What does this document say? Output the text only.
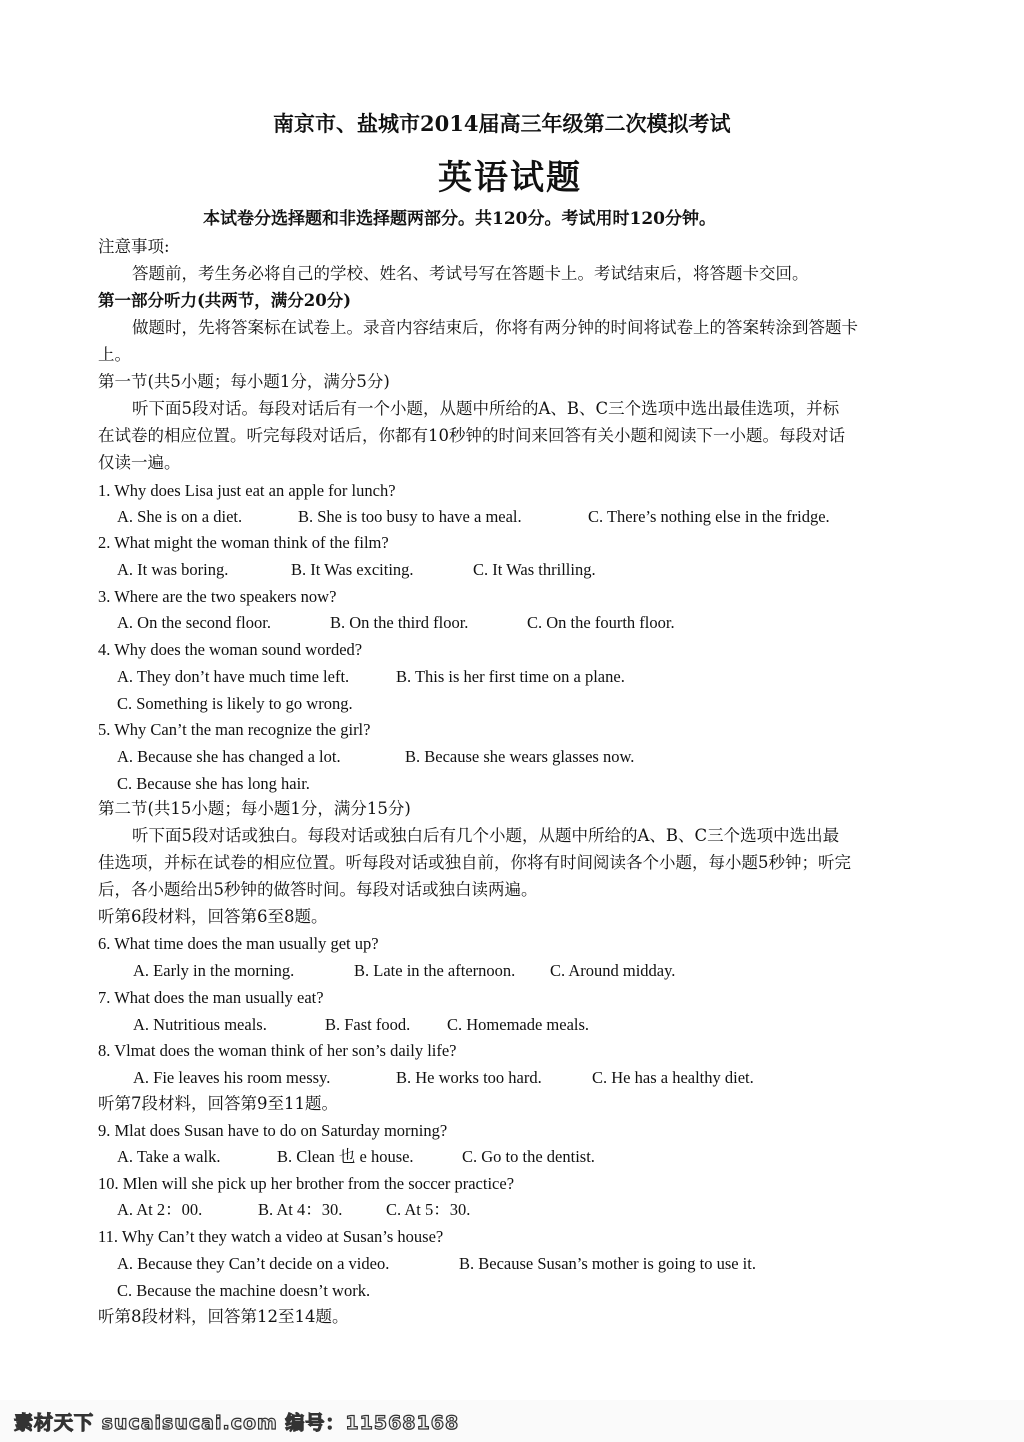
南京市、盐城市2014届高三年级第二次模拟考试
英语试题
本试卷分选择题和非选择题两部分。共120分。考试用时120分钟。
注意事项:
答题前，考生务必将自己的学校、姓名、考试号写在答题卡上。考试结束后，将答题卡交回。
第一部分听力(共两节，满分20分)
做题时，先将答案标在试卷上。录音内容结束后，你将有两分钟的时间将试卷上的答案转涂到答题卡
上。
第一节(共5小题；每小题1分，满分5分)
听下面5段对话。每段对话后有一个小题，从题中所给的A、B、C三个选项中选出最佳选项，并标
在试卷的相应位置。听完每段对话后，你都有10秒钟的时间来回答有关小题和阅读下一小题。每段对话
仅读一遍。
1. Why does Lisa just eat an apple for lunch?
A. She is on a diet.	B. She is too busy to have a meal.	C. There’s nothing else in the fridge.
2. What might the woman think of the film?
A. It was boring.	B. It Was exciting.	C. It Was thrilling.
3. Where are the two speakers now?
A. On the second floor.	B. On the third floor.	C. On the fourth floor.
4. Why does the woman sound worded?
A. They don’t have much time left.	B. This is her first time on a plane.
C. Something is likely to go wrong.
5. Why Can’t the man recognize the girl?
A. Because she has changed a lot.	B. Because she wears glasses now.
C. Because she has long hair.
第二节(共15小题；每小题1分，满分15分)
听下面5段对话或独白。每段对话或独白后有几个小题，从题中所给的A、B、C三个选项中选出最
佳选项，并标在试卷的相应位置。听每段对话或独自前，你将有时间阅读各个小题，每小题5秒钟；听完
后，各小题给出5秒钟的做答时间。每段对话或独白读两遍。
听第6段材料，回答第6至8题。
6. What time does the man usually get up?
A. Early in the morning.	B. Late in the afternoon. C. Around midday.
7. What does the man usually eat?
A. Nutritious meals.	B. Fast food. C. Homemade meals.
8. Vlmat does the woman think of her son’s daily life?
A. Fie leaves his room messy.	B. He works too hard.	C. He has a healthy diet.
听第7段材料，回答第9至11题。
9. Mlat does Susan have to do on Saturday morning?
A. Take a walk.	B. Clean 也 e house.	C. Go to the dentist.
10. Mlen will she pick up her brother from the soccer practice?
A. At 2：00.	B. At 4：30.	C. At 5：30.
11. Why Can’t they watch a video at Susan’s house?
A. Because they Can’t decide on a video.	B. Because Susan’s mother is going to use it.
C. Because the machine doesn’t work.
听第8段材料，回答第12至14题。
素材天下 sucaisucai.com 编号：11568168
